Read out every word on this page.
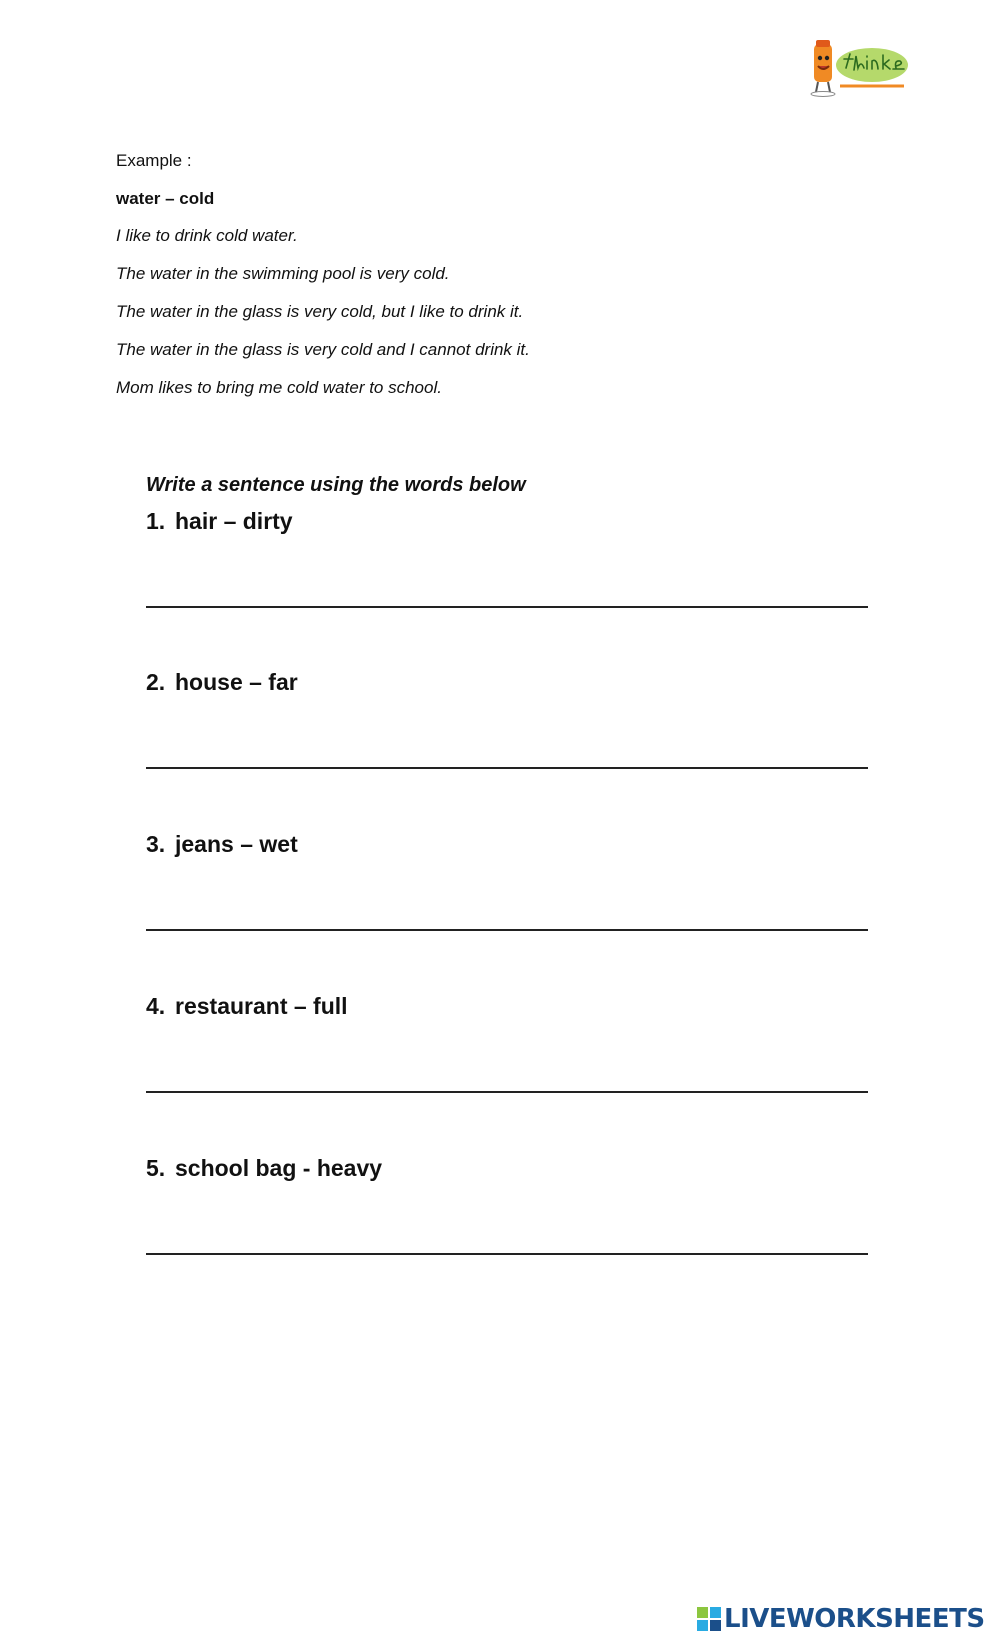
Example :
water – cold
I like to drink cold water.
The water in the swimming pool is very cold.
The water in the glass is very cold, but I like to drink it.
The water in the glass is very cold and I cannot drink it.
Mom likes to bring me cold water to school.
Write a sentence using the words below
1. hair – dirty
2. house – far
3. jeans – wet
4. restaurant – full
5. school bag - heavy
LIVEWORKSHEETS
